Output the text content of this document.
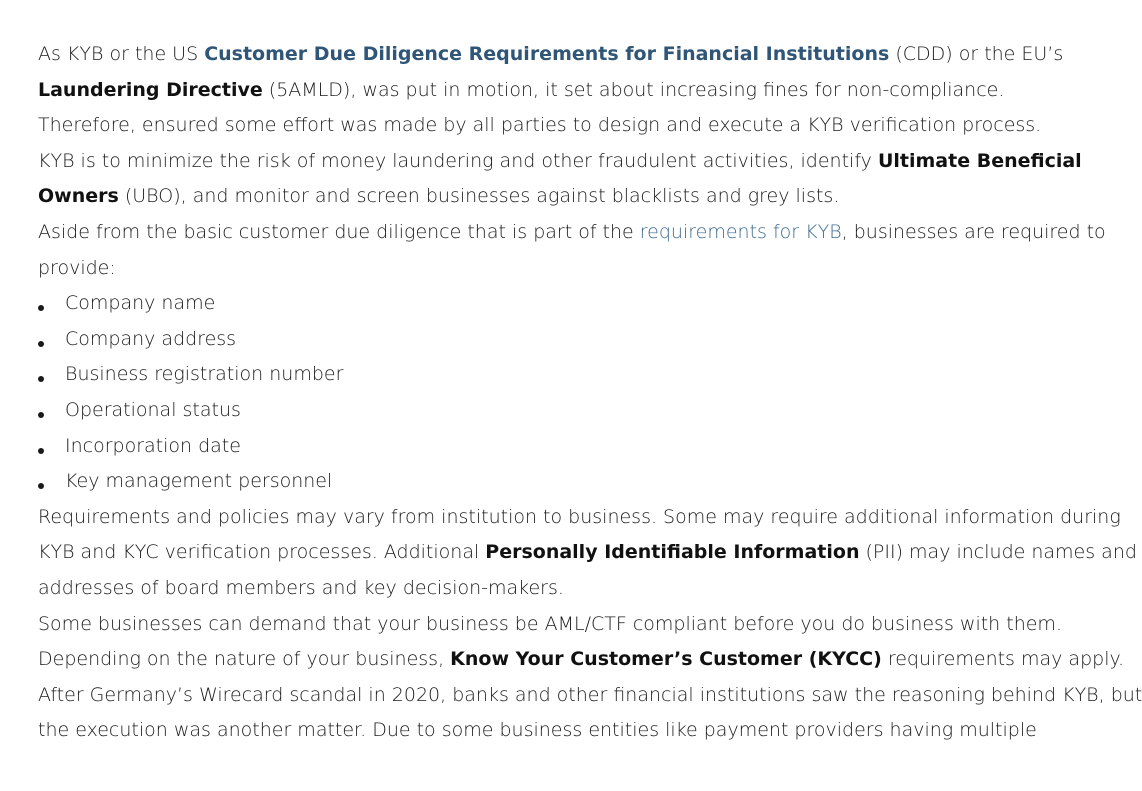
As KYB or the US Customer Due Diligence Requirements for Financial Institutions (CDD) or the EU’s
Laundering Directive (5AMLD), was put in motion, it set about increasing fines for non-compliance.
Therefore, ensured some effort was made by all parties to design and execute a KYB verification process.
KYB is to minimize the risk of money laundering and other fraudulent activities, identify Ultimate Beneficial
Owners (UBO), and monitor and screen businesses against blacklists and grey lists.
Aside from the basic customer due diligence that is part of the requirements for KYB, businesses are required to
provide:
Company name
Company address
Business registration number
Operational status
Incorporation date
Key management personnel
Requirements and policies may vary from institution to business. Some may require additional information during
KYB and KYC verification processes. Additional Personally Identifiable Information (PII) may include names and
addresses of board members and key decision-makers.
Some businesses can demand that your business be AML/CTF compliant before you do business with them.
Depending on the nature of your business, Know Your Customer’s Customer (KYCC) requirements may apply.
After Germany’s Wirecard scandal in 2020, banks and other financial institutions saw the reasoning behind KYB, but
the execution was another matter. Due to some business entities like payment providers having multiple
